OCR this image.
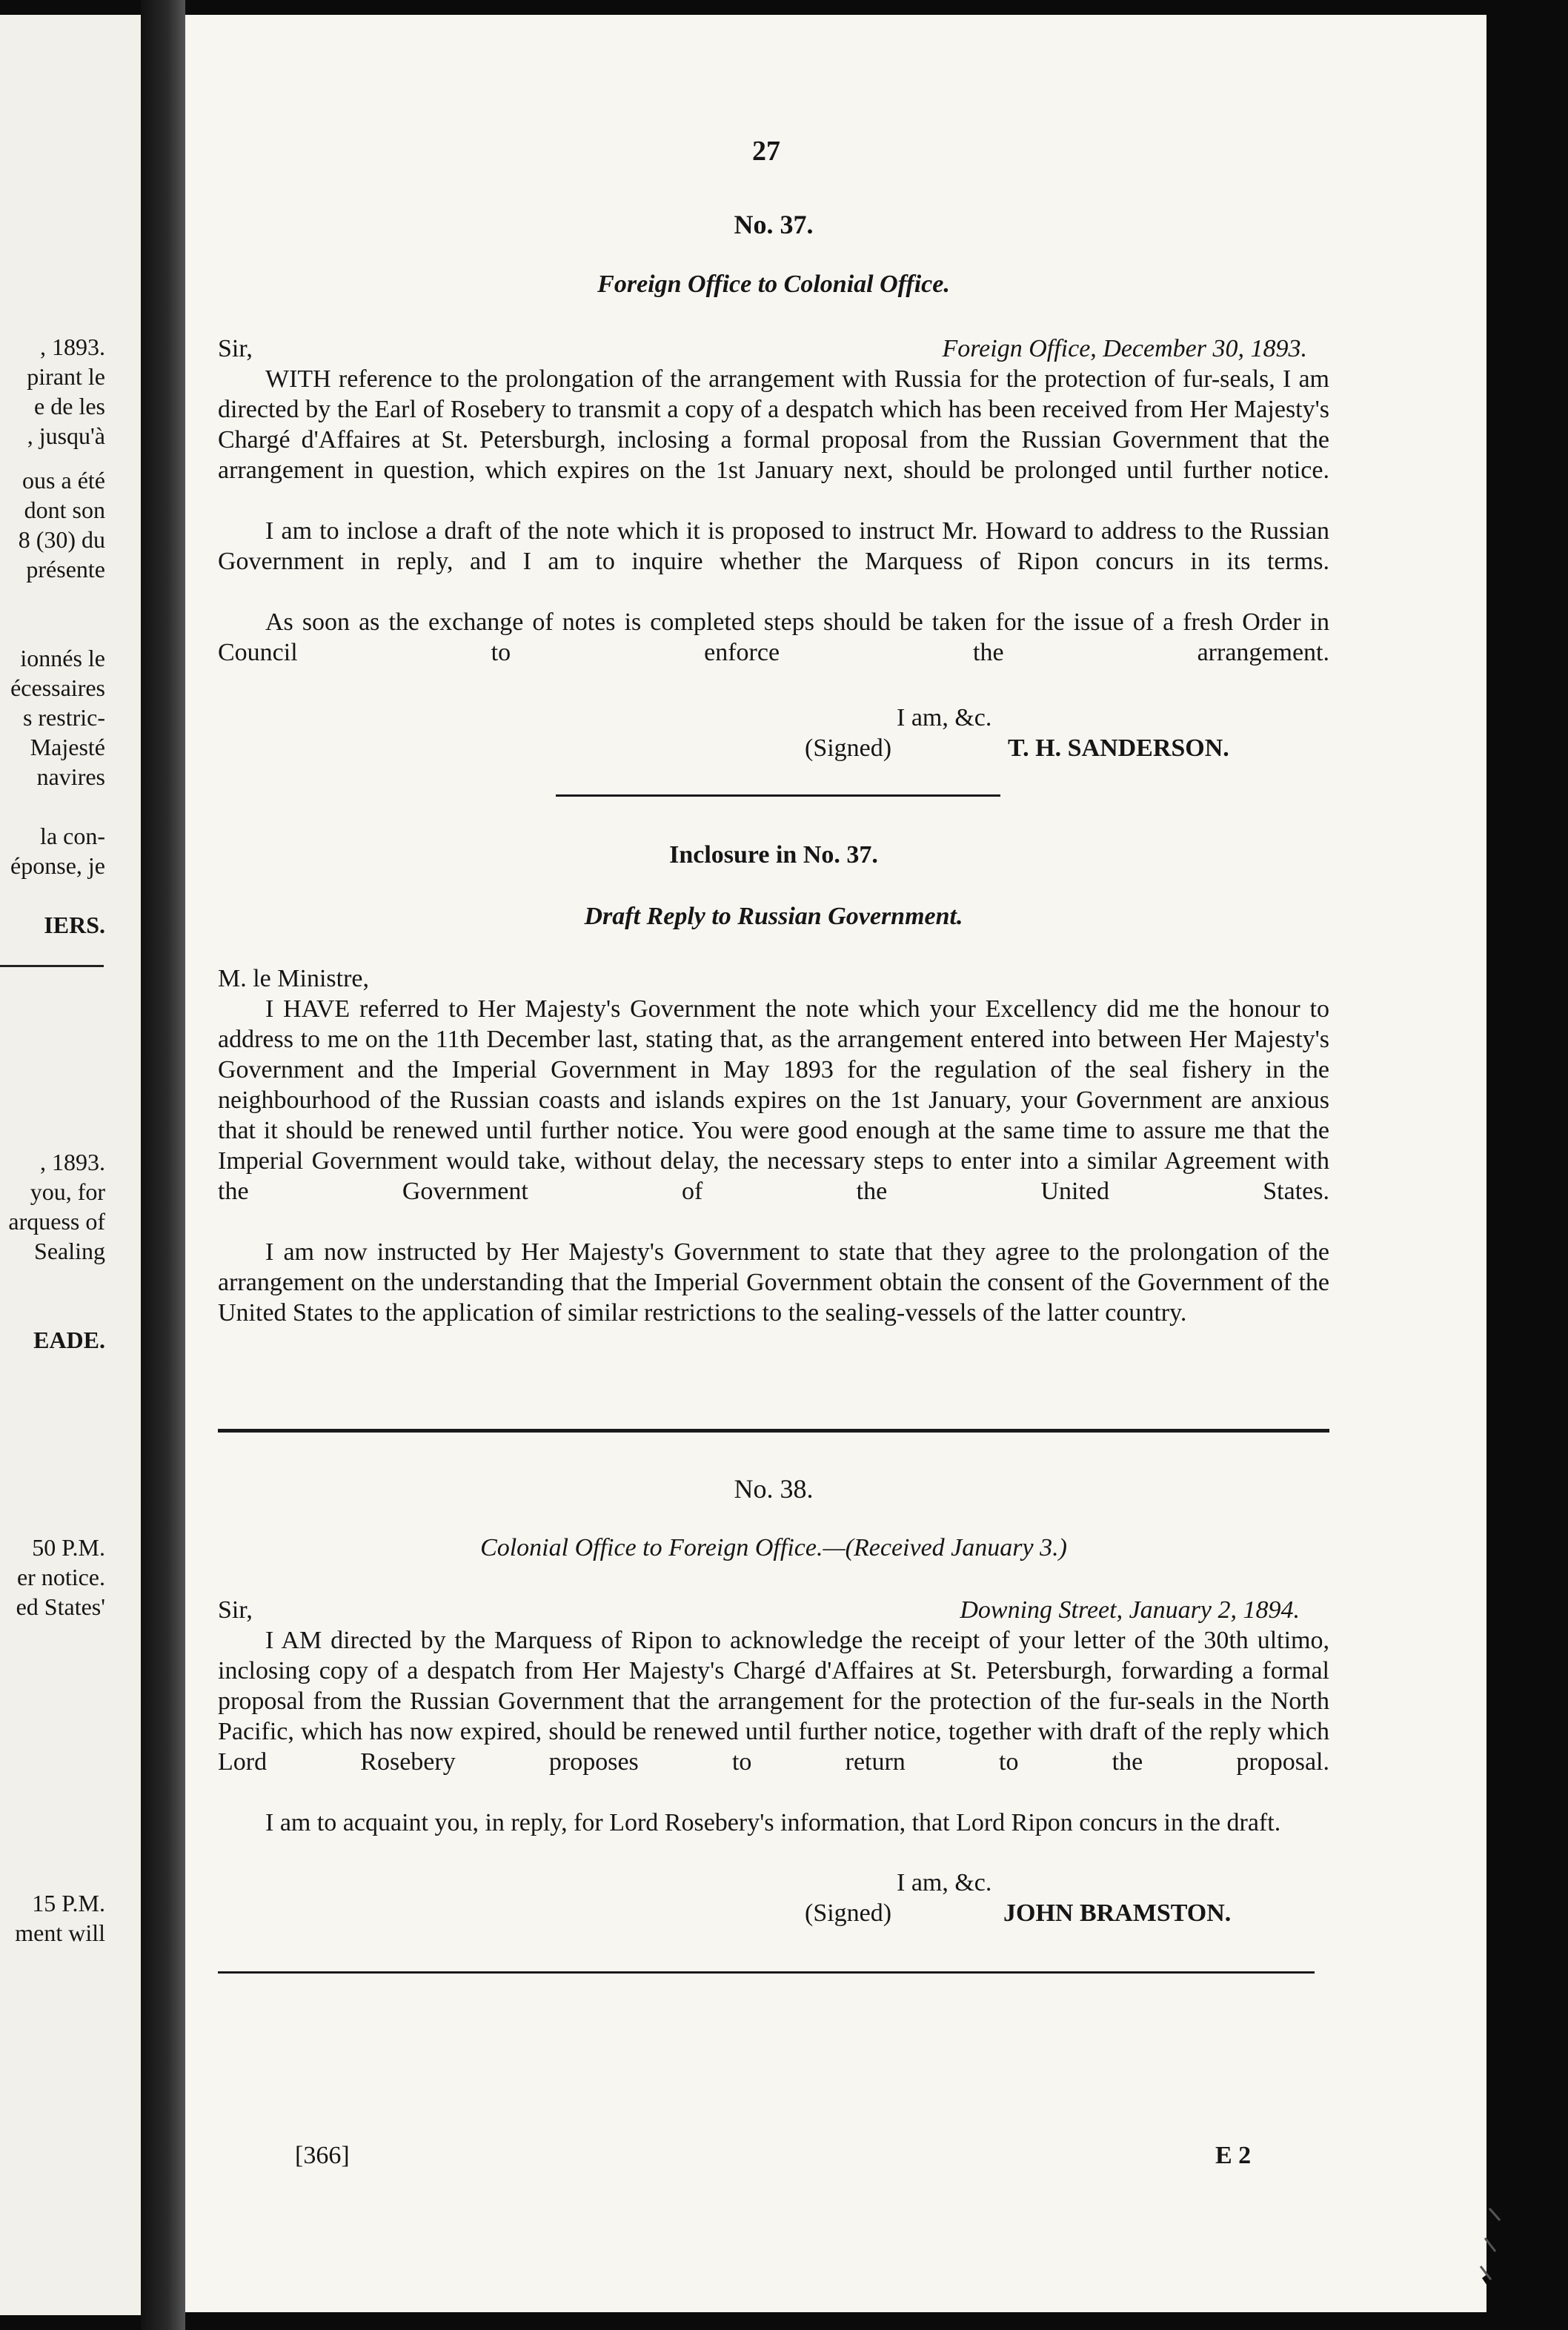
, 1893.
pirant le
e de les
, jusqu'à
ous a été
dont son
8 (30) du
présente
ionnés le
écessaires
s restric-
Majesté
navires
la con-
éponse, je
IERS.
, 1893.
you, for
arquess of
Sealing
EADE.
50 P.M.
er notice.
ed States'
15 P.M.
ment will
27
No. 37.
Foreign Office to Colonial Office.
Sir,	Foreign Office, December 30, 1893.

WITH reference to the prolongation of the arrangement with Russia for the protection of fur-seals, I am directed by the Earl of Rosebery to transmit a copy of a despatch which has been received from Her Majesty's Chargé d'Affaires at St. Petersburgh, inclosing a formal proposal from the Russian Government that the arrangement in question, which expires on the 1st January next, should be prolonged until further notice.

I am to inclose a draft of the note which it is proposed to instruct Mr. Howard to address to the Russian Government in reply, and I am to inquire whether the Marquess of Ripon concurs in its terms.

As soon as the exchange of notes is completed steps should be taken for the issue of a fresh Order in Council to enforce the arrangement.

I am, &c.
(Signed)	T. H. SANDERSON.
Inclosure in No. 37.
Draft Reply to Russian Government.
M. le Ministre,

I HAVE referred to Her Majesty's Government the note which your Excellency did me the honour to address to me on the 11th December last, stating that, as the arrangement entered into between Her Majesty's Government and the Imperial Government in May 1893 for the regulation of the seal fishery in the neighbourhood of the Russian coasts and islands expires on the 1st January, your Government are anxious that it should be renewed until further notice. You were good enough at the same time to assure me that the Imperial Government would take, without delay, the necessary steps to enter into a similar Agreement with the Government of the United States.

I am now instructed by Her Majesty's Government to state that they agree to the prolongation of the arrangement on the understanding that the Imperial Government obtain the consent of the Government of the United States to the application of similar restrictions to the sealing-vessels of the latter country.

No. 38.
Colonial Office to Foreign Office.—(Received January 3.)
Sir,	Downing Street, January 2, 1894.

I AM directed by the Marquess of Ripon to acknowledge the receipt of your letter of the 30th ultimo, inclosing copy of a despatch from Her Majesty's Chargé d'Affaires at St. Petersburgh, forwarding a formal proposal from the Russian Government that the arrangement for the protection of the fur-seals in the North Pacific, which has now expired, should be renewed until further notice, together with draft of the reply which Lord Rosebery proposes to return to the proposal.

I am to acquaint you, in reply, for Lord Rosebery's information, that Lord Ripon concurs in the draft.

I am, &c.
(Signed)	JOHN BRAMSTON.
[366]	E 2
